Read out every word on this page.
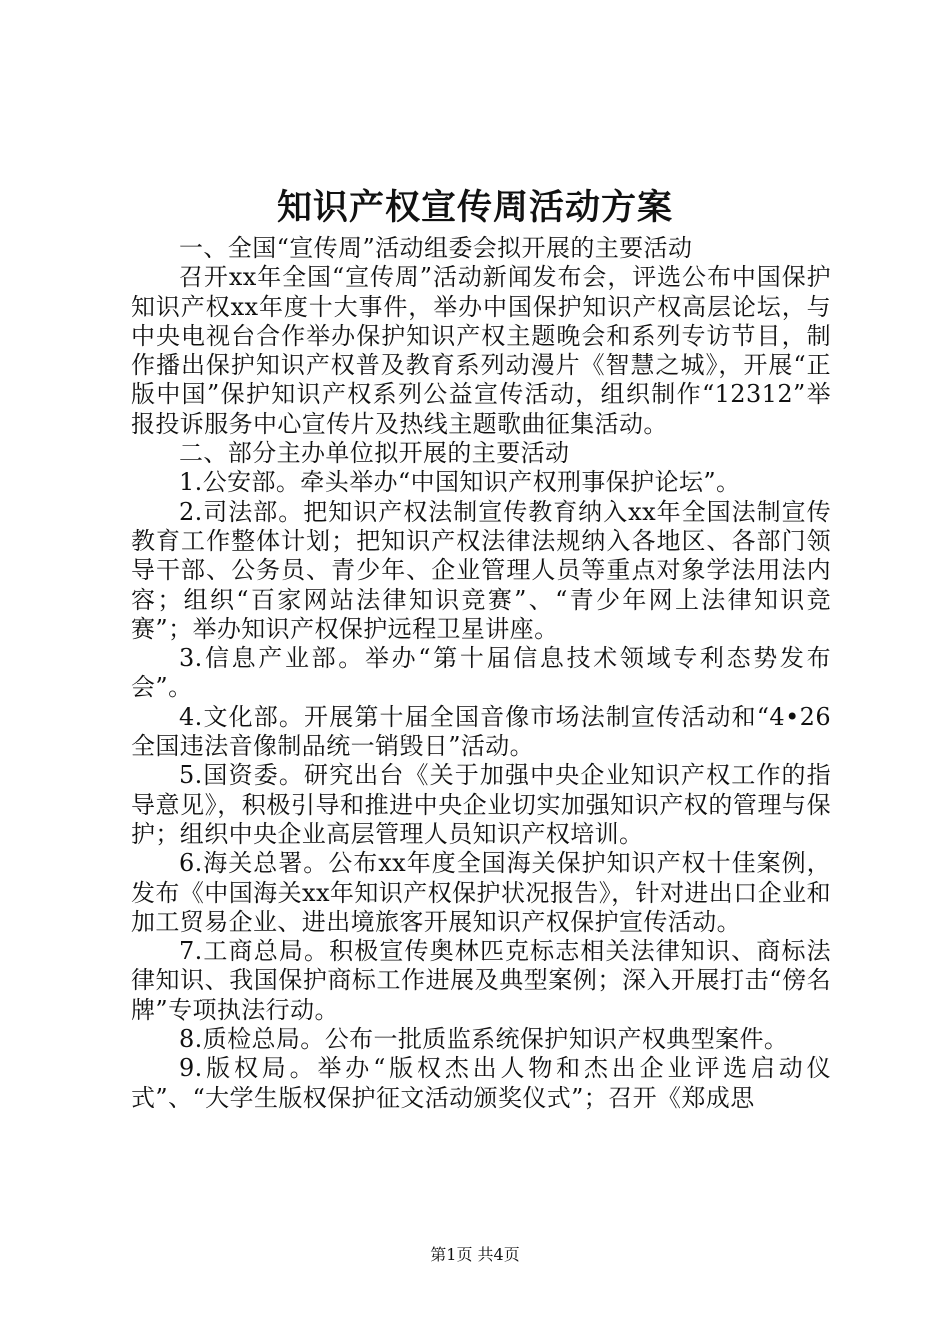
知识产权宣传周活动方案

一、全国“宣传周”活动组委会拟开展的主要活动

召开xx年全国“宣传周”活动新闻发布会，评选公布中国保护知识产权xx年度十大事件，举办中国保护知识产权高层论坛，与中央电视台合作举办保护知识产权主题晚会和系列专访节目，制作播出保护知识产权普及教育系列动漫片《智慧之城》，开展“正版中国”保护知识产权系列公益宣传活动，组织制作“12312”举报投诉服务中心宣传片及热线主题歌曲征集活动。

二、部分主办单位拟开展的主要活动

1.公安部。牵头举办“中国知识产权刑事保护论坛”。

2.司法部。把知识产权法制宣传教育纳入xx年全国法制宣传教育工作整体计划；把知识产权法律法规纳入各地区、各部门领导干部、公务员、青少年、企业管理人员等重点对象学法用法内容；组织“百家网站法律知识竞赛”、“青少年网上法律知识竞赛”；举办知识产权保护远程卫星讲座。

3.信息产业部。举办“第十届信息技术领域专利态势发布会”。

4.文化部。开展第十届全国音像市场法制宣传活动和“4•26全国违法音像制品统一销毁日”活动。

5.国资委。研究出台《关于加强中央企业知识产权工作的指导意见》，积极引导和推进中央企业切实加强知识产权的管理与保护；组织中央企业高层管理人员知识产权培训。

6.海关总署。公布xx年度全国海关保护知识产权十佳案例，发布《中国海关xx年知识产权保护状况报告》，针对进出口企业和加工贸易企业、进出境旅客开展知识产权保护宣传活动。

7.工商总局。积极宣传奥林匹克标志相关法律知识、商标法律知识、我国保护商标工作进展及典型案例；深入开展打击“傍名牌”专项执法行动。

8.质检总局。公布一批质监系统保护知识产权典型案件。

9.版权局。举办“版权杰出人物和杰出企业评选启动仪式”、“大学生版权保护征文活动颁奖仪式”；召开《郑成思

第1页 共4页
